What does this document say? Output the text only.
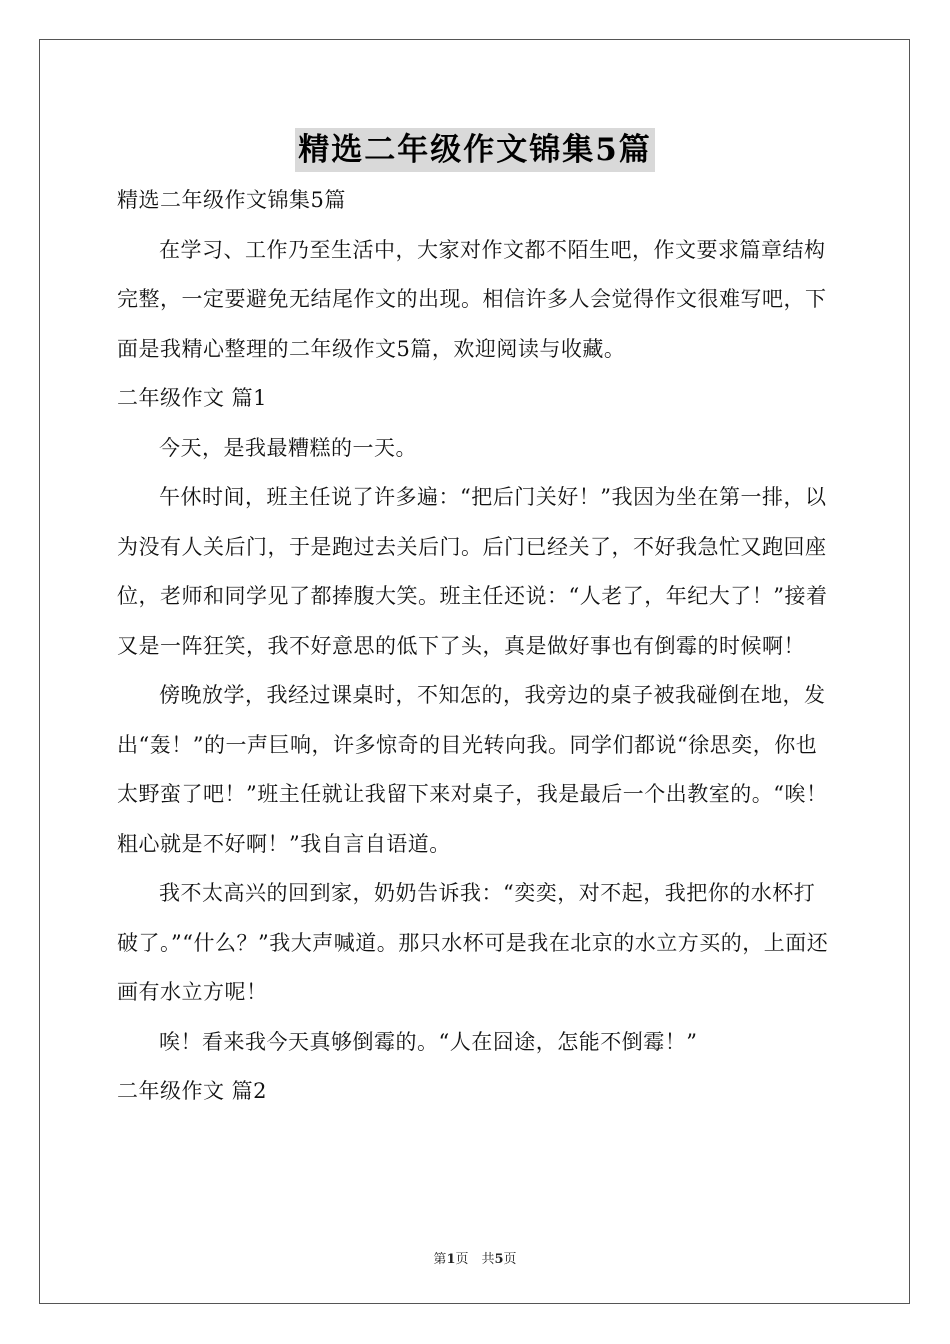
精选二年级作文锦集5篇

精选二年级作文锦集5篇

在学习、工作乃至生活中，大家对作文都不陌生吧，作文要求篇章结构完整，一定要避免无结尾作文的出现。相信许多人会觉得作文很难写吧，下面是我精心整理的二年级作文5篇，欢迎阅读与收藏。

二年级作文 篇1

今天，是我最糟糕的一天。

午休时间，班主任说了许多遍：“把后门关好！”我因为坐在第一排，以为没有人关后门，于是跑过去关后门。后门已经关了，不好我急忙又跑回座位，老师和同学见了都捧腹大笑。班主任还说：“人老了，年纪大了！”接着又是一阵狂笑，我不好意思的低下了头，真是做好事也有倒霉的时候啊！

傍晚放学，我经过课桌时，不知怎的，我旁边的桌子被我碰倒在地，发出“轰！”的一声巨响，许多惊奇的目光转向我。同学们都说“徐思奕，你也太野蛮了吧！”班主任就让我留下来对桌子，我是最后一个出教室的。“唉！粗心就是不好啊！”我自言自语道。

我不太高兴的回到家，奶奶告诉我：“奕奕，对不起，我把你的水杯打破了。”“什么？”我大声喊道。那只水杯可是我在北京的水立方买的，上面还画有水立方呢！

唉！看来我今天真够倒霉的。“人在囧途，怎能不倒霉！”

二年级作文 篇2

第1页　共5页
